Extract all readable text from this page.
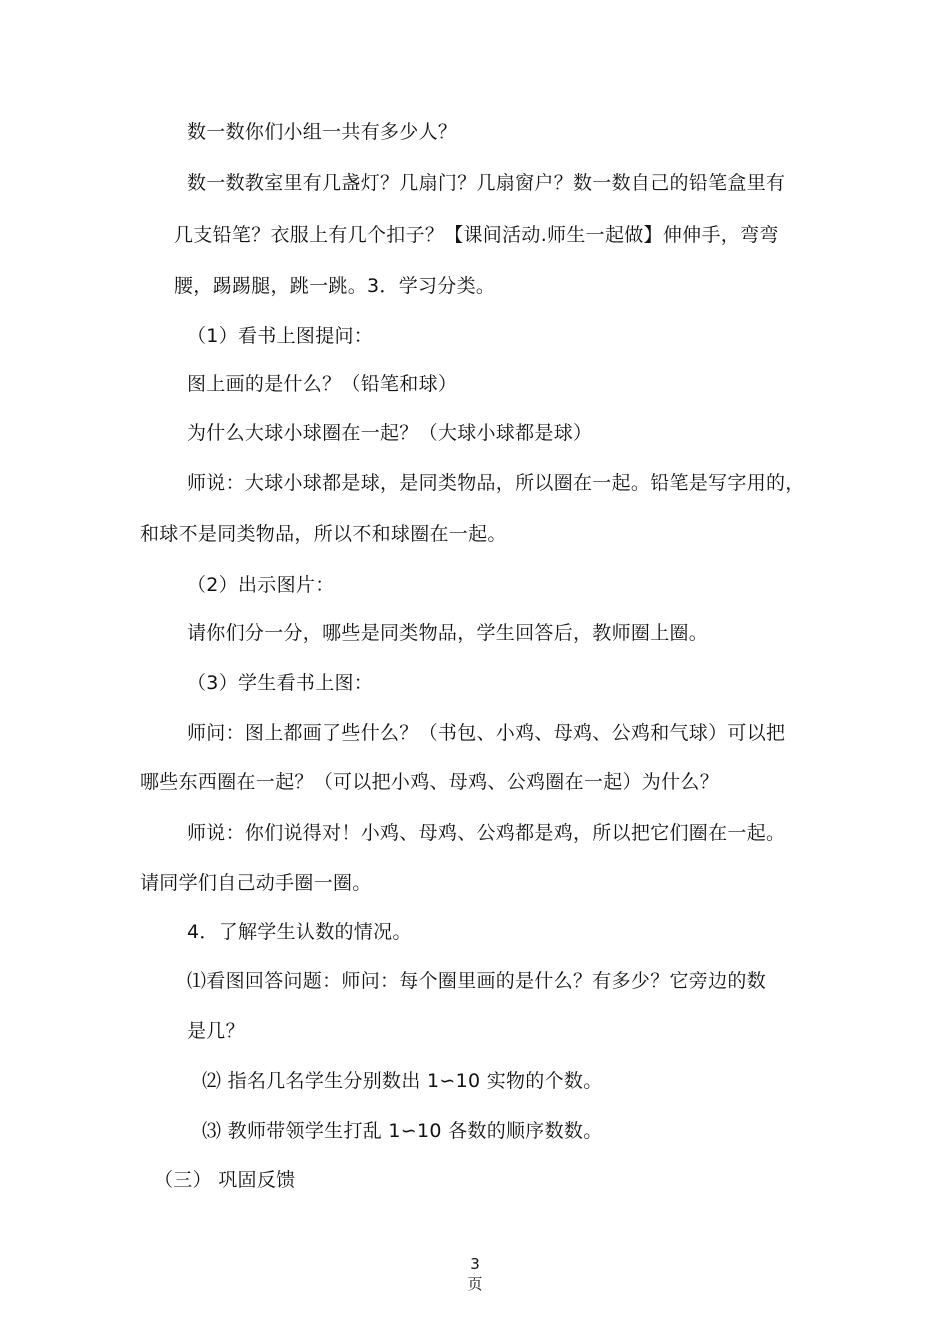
数一数你们小组一共有多少人？
数一数教室里有几盏灯？几扇门？几扇窗户？数一数自己的铅笔盒里有
几支铅笔？衣服上有几个扣子？【课间活动.师生一起做】伸伸手，弯弯
腰，踢踢腿，跳一跳。3．学习分类。
（1）看书上图提问：
图上画的是什么？（铅笔和球）
为什么大球小球圈在一起？（大球小球都是球）
师说：大球小球都是球，是同类物品，所以圈在一起。铅笔是写字用的，
和球不是同类物品，所以不和球圈在一起。
（2）出示图片：
请你们分一分，哪些是同类物品，学生回答后，教师圈上圈。
（3）学生看书上图：
师问：图上都画了些什么？（书包、小鸡、母鸡、公鸡和气球）可以把
哪些东西圈在一起？（可以把小鸡、母鸡、公鸡圈在一起）为什么？
师说：你们说得对！小鸡、母鸡、公鸡都是鸡，所以把它们圈在一起。
请同学们自己动手圈一圈。
4．了解学生认数的情况。
⑴看图回答问题：师问：每个圈里画的是什么？有多少？它旁边的数
是几？
⑵ 指名几名学生分别数出 1∽10 实物的个数。
⑶ 教师带领学生打乱 1∽10 各数的顺序数数。
（三） 巩固反馈
3
页
